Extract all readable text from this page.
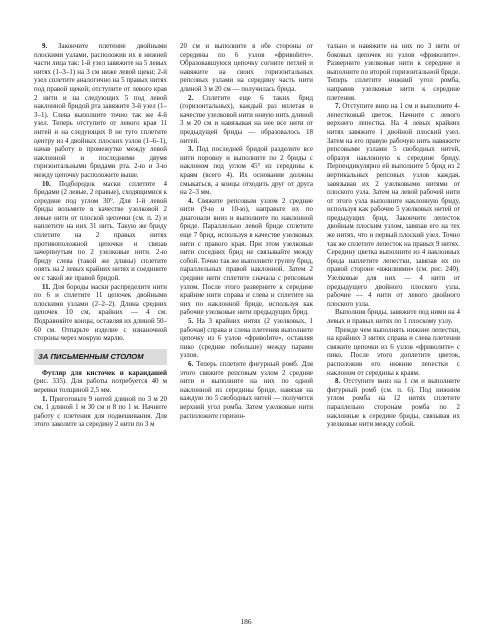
9. Закончите плетение двойными плоскими узлами, расположив их в нижней части лица так: 1-й узел завяжите на 5 левых нитях (1–3–1) на 3 см ниже левой щеки; 2-й узел сплетите аналогично на 5 правых нитях под правой щекой; отступите от левого края 2 нити и на следующих 5 под левой наклонной бридой рта завяжите 3-й узел (1–3–1). Слева выполните точно так же 4-й узел. Теперь отступите от левого края 11 нитей и на следующих 8 не туго сплетите центру из 4 двойных плоских узлов (1–6–1), начав работу в промежутке между левой наклонной и последними двумя горизонтальными бридами рта. 2-ю и 3-ю между цепочку расположите выше.

10. Подбородок маски сплетите 4 бридами (2 левые, 2 правые), сходящимися к середине под углом 30°. Для 1-й левой бриды возьмите в качестве узелковой 2 левые нити от плоской цепочки (см. п. 2) и наплетите на них 31 нить. Такую же бриду сплетите на 2 правых нитях противоположной цепочки и связав зачерпнутым по 2 узелковые нити. 2-ю бриду слева (такой же длины) сплетите опять на 2 левых крайних нитях и соедините ее с такой же правой бридой.

11. Для бороды маски распределите нити по 6 и сплетите 11 цепочек двойными плоскими узлами (2–2–2). Длина средних цепочек 10 см, крайних — 4 см. Подравняйте концы, оставляя их длиной 50–60 см. Отпарьте изделие с изнаночной стороны через мокрую марлю.

ЗА ПИСЬМЕННЫМ СТОЛОМ

Футляр для кисточек и карандашей (рис. 335). Для работы потребуется 40 м веревки толщиной 2,5 мм.

1. Приготовьте 9 нитей длиной по 3 м 20 см, 1 длиной 1 м 30 см и 8 по 1 м. Начните работу с плетения для подвешивания. Для этого заколите за середину 2 нити по 3 м

20 см и выполните в обе стороны от середины по 6 узлов «фривоlите». Образовавшуюся цепочку согните петлей и навяжите на своих горизонтальных репсовых узлами на середину часть нити длиной 3 м 20 см — получилась брида.

2. Сплетите еще 6 таких брид (горизонтальных), каждый раз вплетая в качестве узелковой нити новую нить длиной 3 м 20 см и навязывая на нее все нити от предыдущей бриды — образовалось 18 нитей.

3. Под последней бридой разделите все нити поровну и выполните по 2 бриды с наклоном под углом 45° из середины к краям (всего 4). Их основания должны смыкаться, а концы отходить друг от друга на 2–3 мм.

4. Свяжите репсовым узлом 2 средние нити (9-ю и 10-ю), направьте их по диагонали вниз и выполните по наклонной бриде. Параллельно левой бриде сплетите еще 7 брид, используя в качестве узелковых нити с правого края. При этом узелковые нити соседних брид не связывайте между собой. Точно так же выполните группу брид, параллельных правой наклонной. Затем 2 средние нити сплетите сначала с репсовым узлом. После этого разверните к середине крайние нити справа и слева и сплетите на них по наклонной бриде, используя как рабочие узелковые нити предыдущих брид.

5. На 3 крайних нитях (2 узелковых, 1 рабочая) справа и слева плетения выполните цепочку из 6 узлов «фривоlите», оставляя пико (средние побольше) между парами узлов.

6. Теперь сплетите фигурный ромб. Для этого свяжите репсовым узлом 2 средние нити и выполните на них по одной наклонной из середины бриде, навязав на каждую по 5 свободных нитей — получится верхний угол ромба. Затем узелковые нити расположите горизон-

тально и навяжите на них по 3 нити от боковых цепочек из узлов «фриволите». Разверните узелковые нити к середине и выполните по второй горизонтальной бриде. Теперь сплетите нижний угол ромба, направив узелковые нити к середине плетения.

7. Отступите вниз на 1 см и выполните 4-лепестковый цветок. Начните с левого верхнего лепестка. На 4 левых крайних нитях завяжите 1 двойной плоский узел. Затем на его правую рабочую нить навяжите репсовыми узлами 5 свободных нитей, образуя наклонную к середине бриду. Перпендикулярно ей выполните 5 брид из 2 вертикальных репсовых узлов каждая, завязывая их 2 узелковыми нитями от плоского узла. Затем на левой рабочей нити от этого узла выполните наклонную бриду, используя как рабочие 5 узелковых нитей от предыдущих брид. Закончите лепесток двойным плоским узлом, завязав его на тех же нитях, что и первый плоский узел. Точно так же сплетите лепесток на правых 9 нитях. Середину цветка выполните из 4 наклонных брида наплетите лепестки, завязав их по правой стороне «вжилиями» (см. рис. 240). Узелковые для них — 4 нити от предыдущего двойного плоского узла, рабочие — 4 нити от левого двойного плоского узла.

Выполнив бриды, завяжите под ними на 4 левых и правых нитях по 1 плоскому узлу.

Прежде чем выполнять нижние лепестки, на крайних 3 нитях справа и слева плетения свяжите цепочки из 6 узлов «фриволите» с пико. После этого доплетите цветок, расположив его нижние лепестки с наклоном от середины к краям.

8. Отступите вниз на 1 см и выполните фигурный ромб (см. п. 6). Под нижним углом ромба на 12 нитях сплетите параллельно сторонам ромба по 2 наклонные к середине бриды, связывая их узелковые нити между собой.

186
